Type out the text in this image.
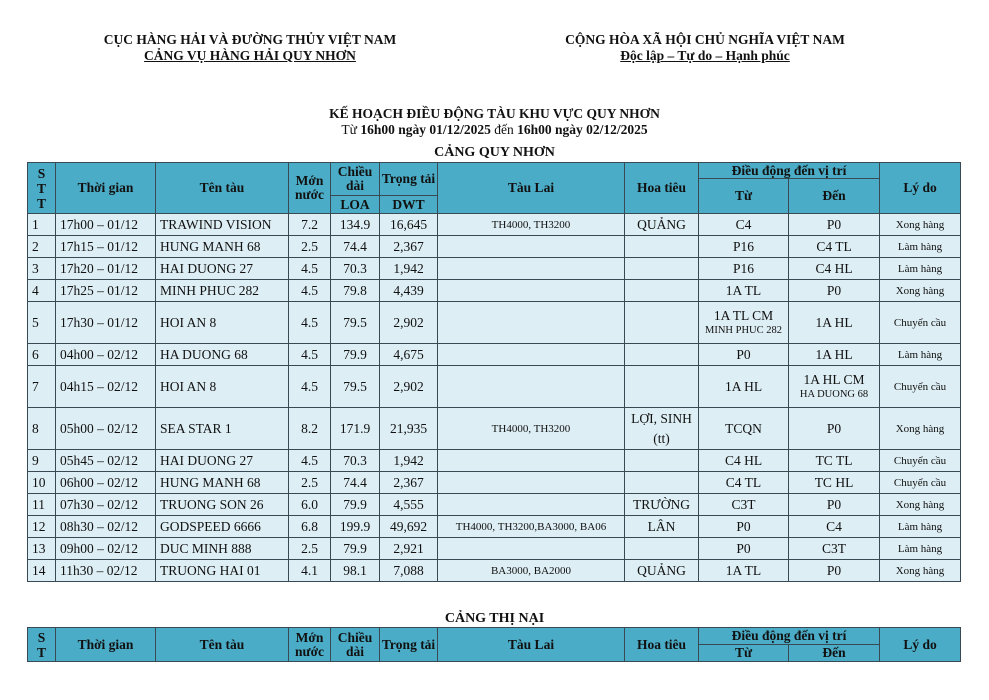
CỤC HÀNG HẢI VÀ ĐƯỜNG THỦY VIỆT NAM
CẢNG VỤ HÀNG HẢI QUY NHƠN
CỘNG HÒA XÃ HỘI CHỦ NGHĨA VIỆT NAM
Độc lập – Tự do – Hạnh phúc
KẾ HOẠCH ĐIỀU ĐỘNG TÀU KHU VỰC QUY NHƠN
Từ 16h00 ngày 01/12/2025 đến 16h00 ngày 02/12/2025
CẢNG QUY NHƠN
S T T	Thời gian	Tên tàu	Mớn nước	Chiều dài	Trọng tải	Tàu Lai	Hoa tiêu	Điều động đến vị trí		Lý do
								Từ	Đến	
				LOA	DWT					
1	17h00 – 01/12	TRAWIND VISION	7.2	134.9	16,645	TH4000, TH3200	QUẢNG	C4	P0	Xong hàng
2	17h15 – 01/12	HUNG MANH 68	2.5	74.4	2,367			P16	C4 TL	Làm hàng
3	17h20 – 01/12	HAI DUONG 27	4.5	70.3	1,942			P16	C4 HL	Làm hàng
4	17h25 – 01/12	MINH PHUC 282	4.5	79.8	4,439			1A TL	P0	Xong hàng
5	17h30 – 01/12	HOI AN 8	4.5	79.5	2,902			1A TL CM
MINH PHUC 282	1A HL	Chuyển cầu
6	04h00 – 02/12	HA DUONG 68	4.5	79.9	4,675			P0	1A HL	Làm hàng
7	04h15 – 02/12	HOI AN 8	4.5	79.5	2,902			1A HL	1A HL CM
HA DUONG 68	Chuyển cầu
8	05h00 – 02/12	SEA STAR 1	8.2	171.9	21,935	TH4000, TH3200	LỢI, SINH (tt)	TCQN	P0	Xong hàng
9	05h45 – 02/12	HAI DUONG 27	4.5	70.3	1,942			C4 HL	TC TL	Chuyển cầu
10	06h00 – 02/12	HUNG MANH 68	2.5	74.4	2,367			C4 TL	TC HL	Chuyển cầu
11	07h30 – 02/12	TRUONG SON 26	6.0	79.9	4,555		TRƯỜNG	C3T	P0	Xong hàng
12	08h30 – 02/12	GODSPEED 6666	6.8	199.9	49,692	TH4000, TH3200,BA3000, BA06	LÂN	P0	C4	Làm hàng
13	09h00 – 02/12	DUC MINH 888	2.5	79.9	2,921			P0	C3T	Làm hàng
14	11h30 – 02/12	TRUONG HAI 01	4.1	98.1	7,088	BA3000, BA2000	QUẢNG	1A TL	P0	Xong hàng
CẢNG THỊ NẠI
S T	Thời gian	Tên tàu	Mớn nước	Chiều dài	Trọng tải	Tàu Lai	Hoa tiêu	Điều động đến vị trí		Lý do
								Từ	Đến	
